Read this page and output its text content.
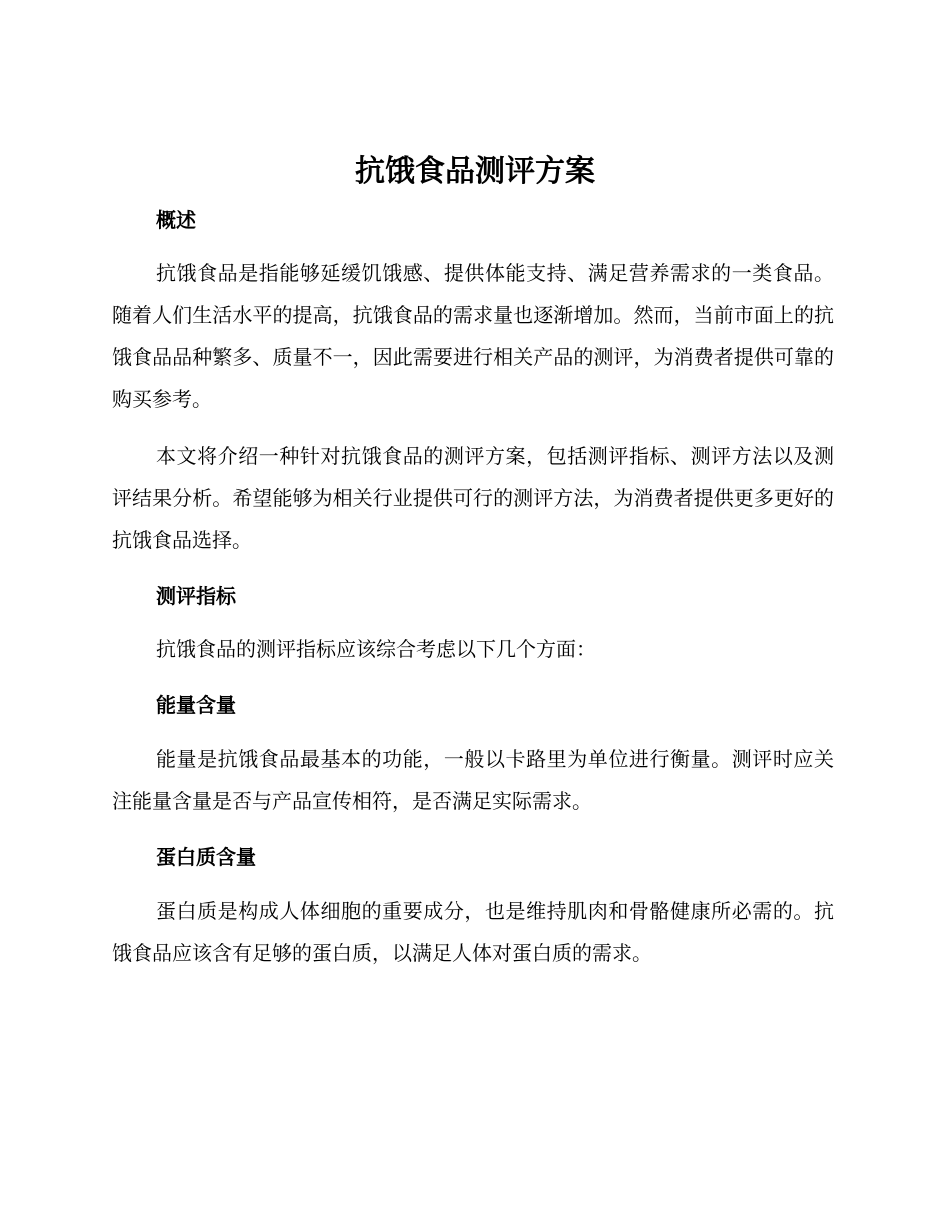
抗饿食品测评方案
概述

抗饿食品是指能够延缓饥饿感、提供体能支持、满足营养需求的一类食品。随着人们生活水平的提高，抗饿食品的需求量也逐渐增加。然而，当前市面上的抗饿食品品种繁多、质量不一，因此需要进行相关产品的测评，为消费者提供可靠的购买参考。

本文将介绍一种针对抗饿食品的测评方案，包括测评指标、测评方法以及测评结果分析。希望能够为相关行业提供可行的测评方法，为消费者提供更多更好的抗饿食品选择。

测评指标

抗饿食品的测评指标应该综合考虑以下几个方面：

能量含量

能量是抗饿食品最基本的功能，一般以卡路里为单位进行衡量。测评时应关注能量含量是否与产品宣传相符，是否满足实际需求。

蛋白质含量

蛋白质是构成人体细胞的重要成分，也是维持肌肉和骨骼健康所必需的。抗饿食品应该含有足够的蛋白质，以满足人体对蛋白质的需求。
